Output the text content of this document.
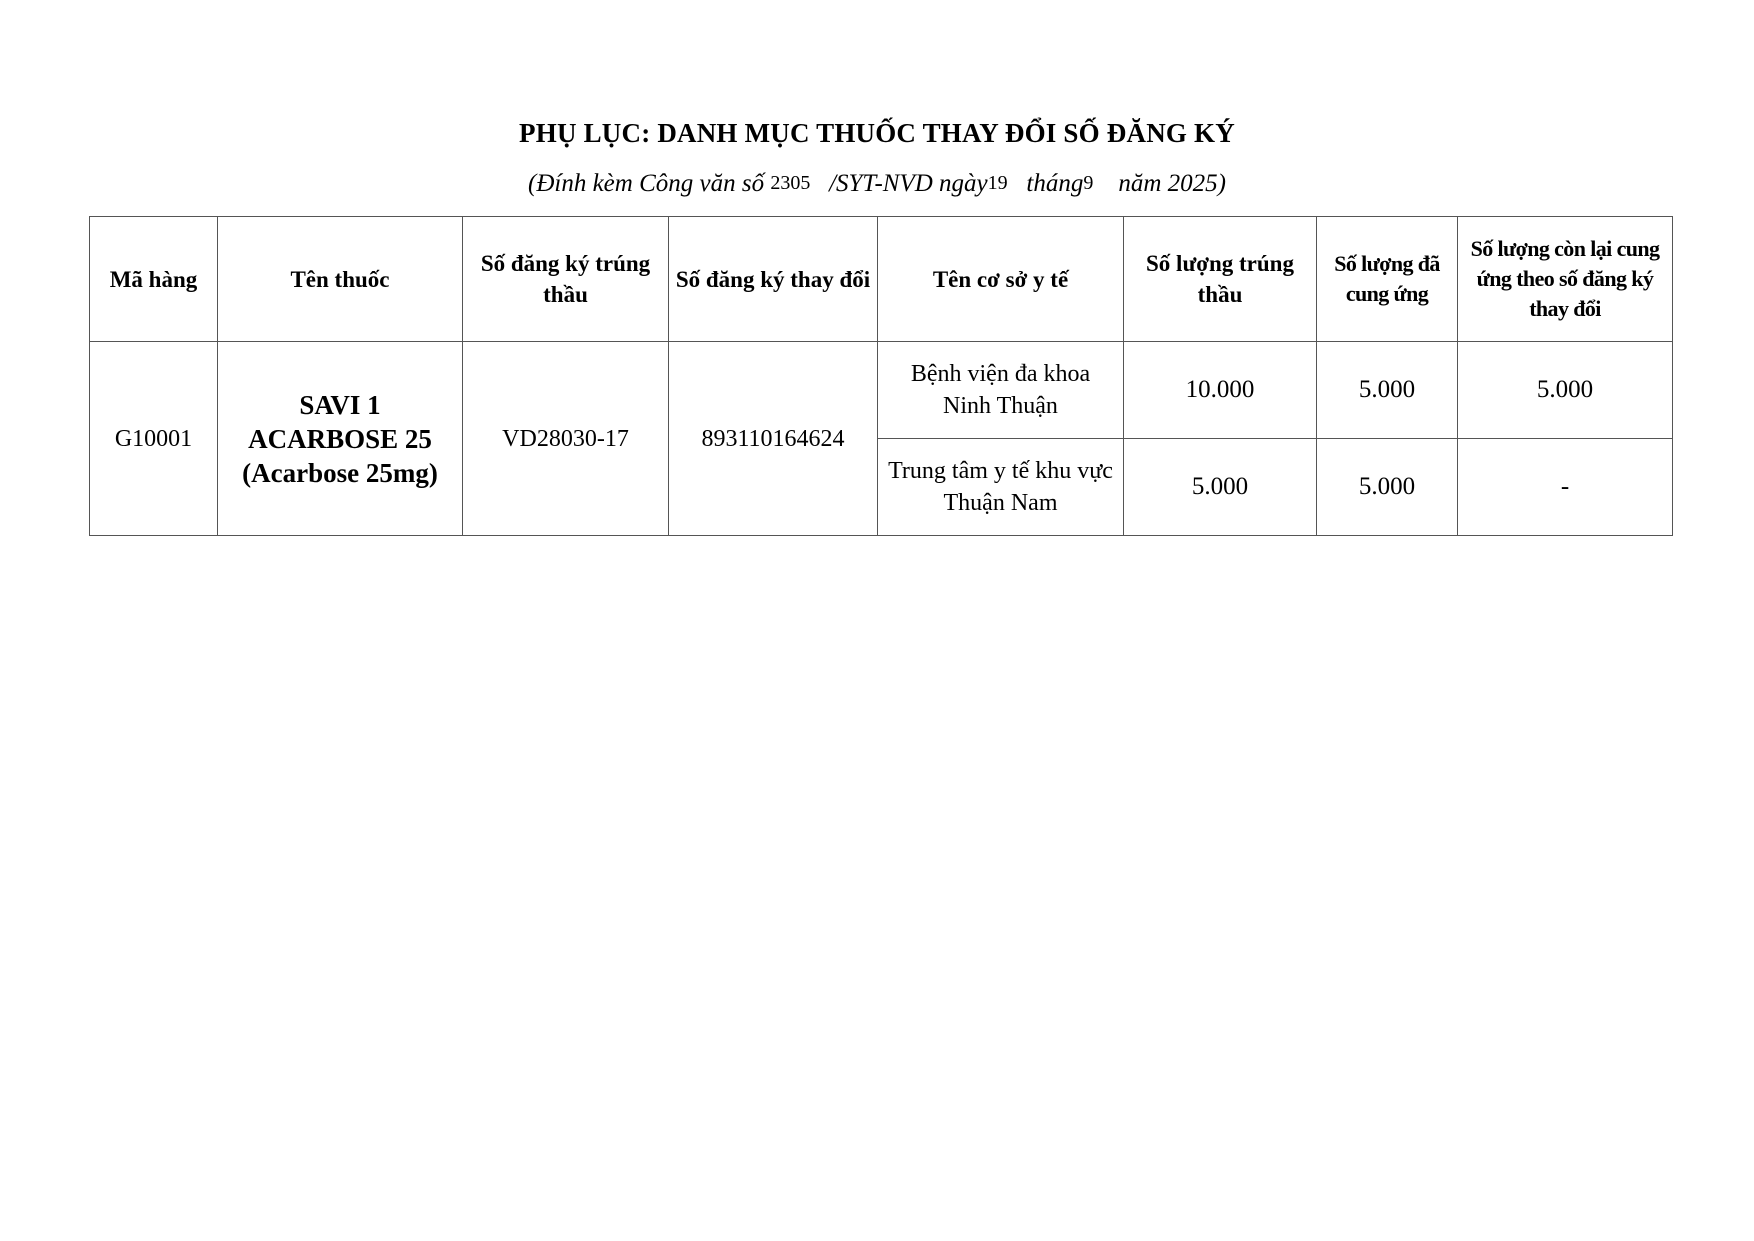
PHỤ LỤC: DANH MỤC THUỐC THAY ĐỔI SỐ ĐĂNG KÝ
(Đính kèm Công văn số 2305   /SYT-NVD ngày19   tháng9    năm 2025)
Mã hàng	Tên thuốc	Số đăng ký trúng thầu	Số đăng ký thay đổi	Tên cơ sở y tế	Số lượng trúng thầu	Số lượng đã cung ứng	Số lượng còn lại cung ứng theo số đăng ký thay đổi
G10001	SAVI 1 ACARBOSE 25 (Acarbose 25mg)	VD28030-17	893110164624	Bệnh viện đa khoa Ninh Thuận	10.000	5.000	5.000
				Trung tâm y tế khu vực Thuận Nam	5.000	5.000	-
